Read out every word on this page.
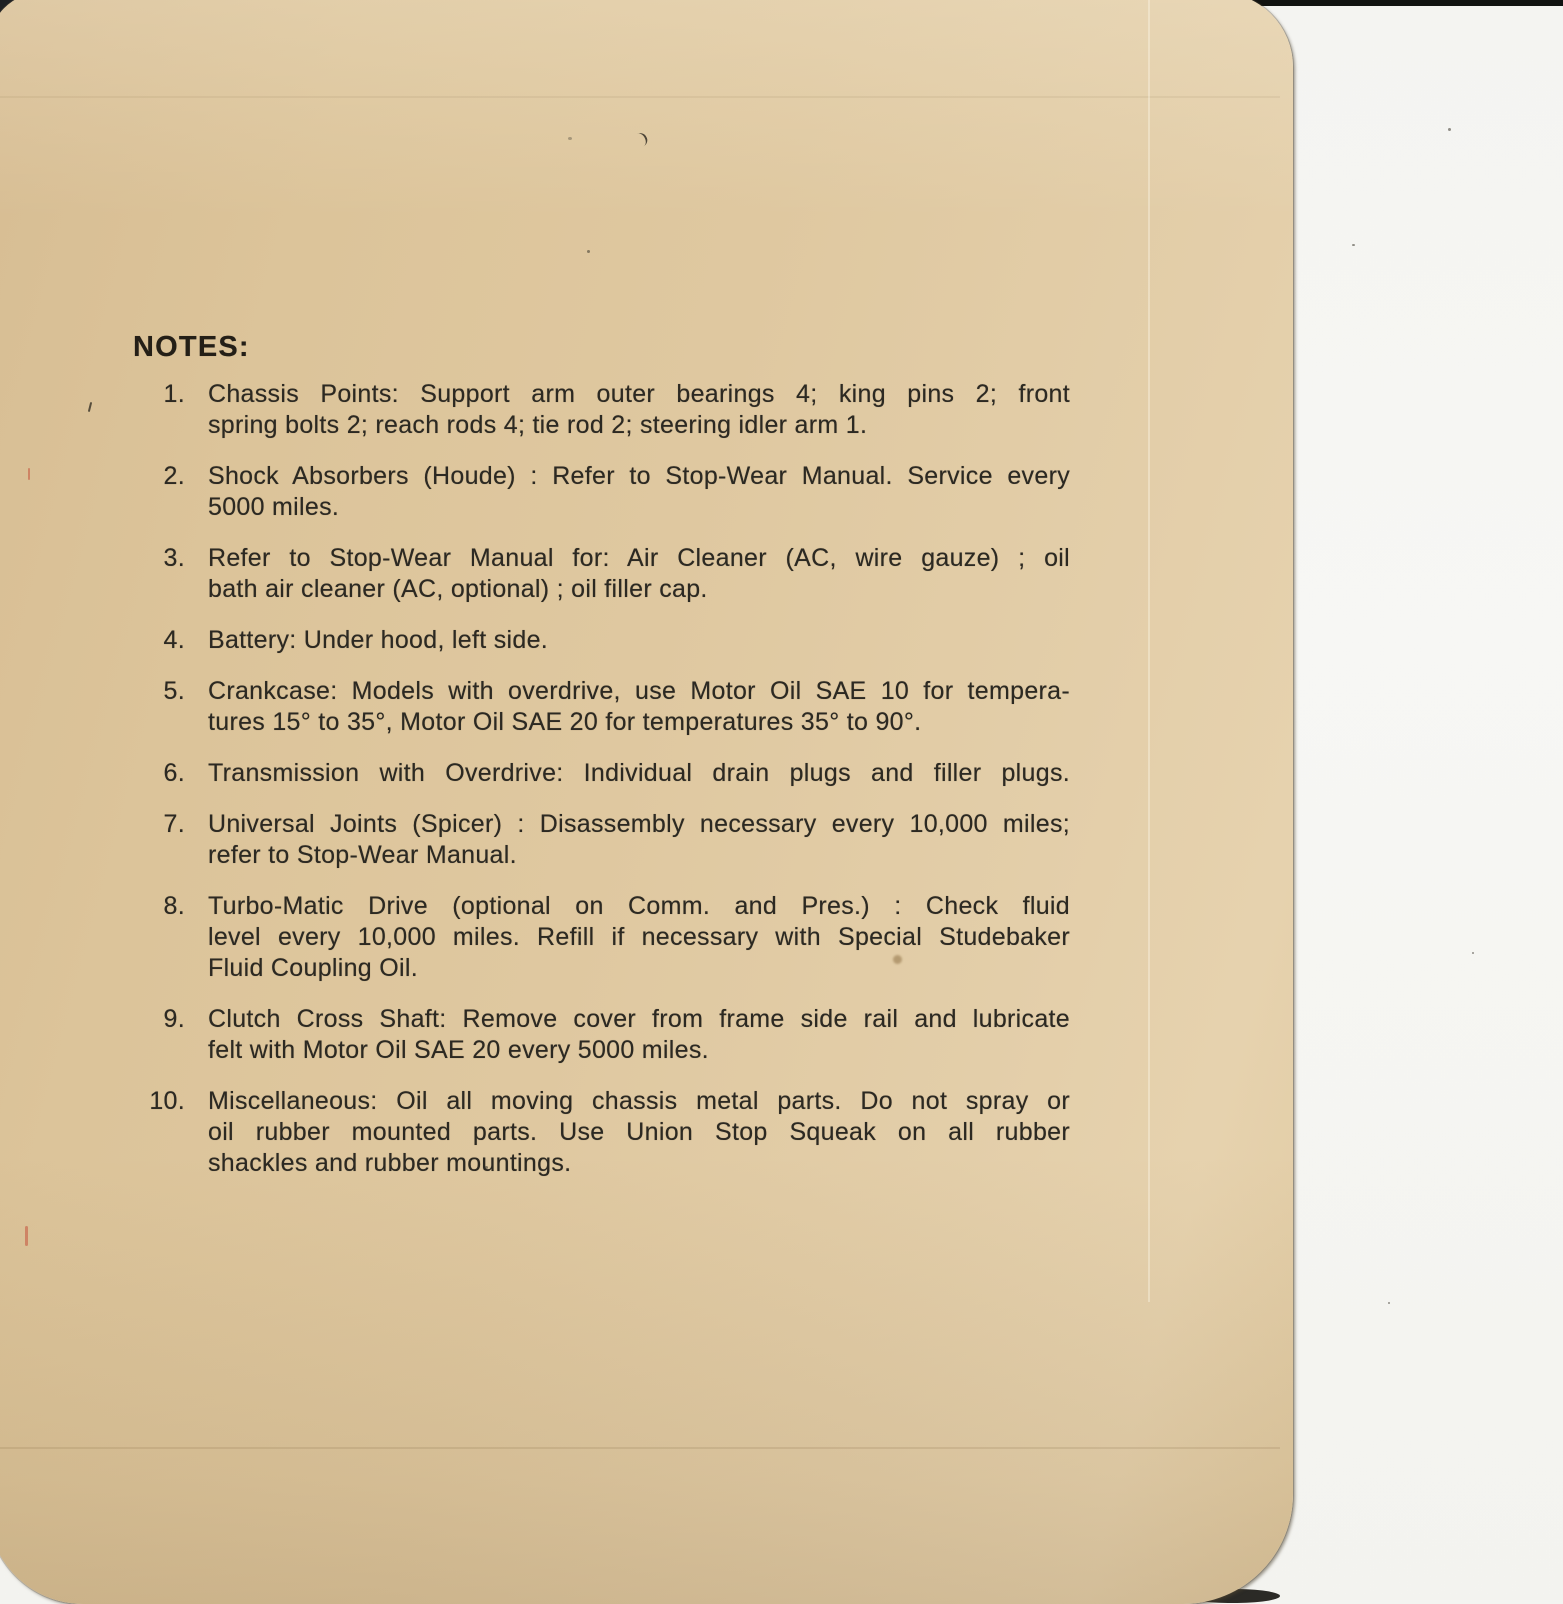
NOTES:
1. Chassis Points: Support arm outer bearings 4; king pins 2; front
spring bolts 2; reach rods 4; tie rod 2; steering idler arm 1.
2. Shock Absorbers (Houde) : Refer to Stop-Wear Manual. Service every
5000 miles.
3. Refer to Stop-Wear Manual for: Air Cleaner (AC, wire gauze) ; oil
bath air cleaner (AC, optional) ; oil filler cap.
4. Battery: Under hood, left side.
5. Crankcase: Models with overdrive, use Motor Oil SAE 10 for tempera-
tures 15° to 35°, Motor Oil SAE 20 for temperatures 35° to 90°.
6. Transmission with Overdrive: Individual drain plugs and filler plugs.
7. Universal Joints (Spicer) : Disassembly necessary every 10,000 miles;
refer to Stop-Wear Manual.
8. Turbo-Matic Drive (optional on Comm. and Pres.) : Check fluid
level every 10,000 miles. Refill if necessary with Special Studebaker
Fluid Coupling Oil.
9. Clutch Cross Shaft: Remove cover from frame side rail and lubricate
felt with Motor Oil SAE 20 every 5000 miles.
10. Miscellaneous: Oil all moving chassis metal parts. Do not spray or
oil rubber mounted parts. Use Union Stop Squeak on all rubber
shackles and rubber mountings.
